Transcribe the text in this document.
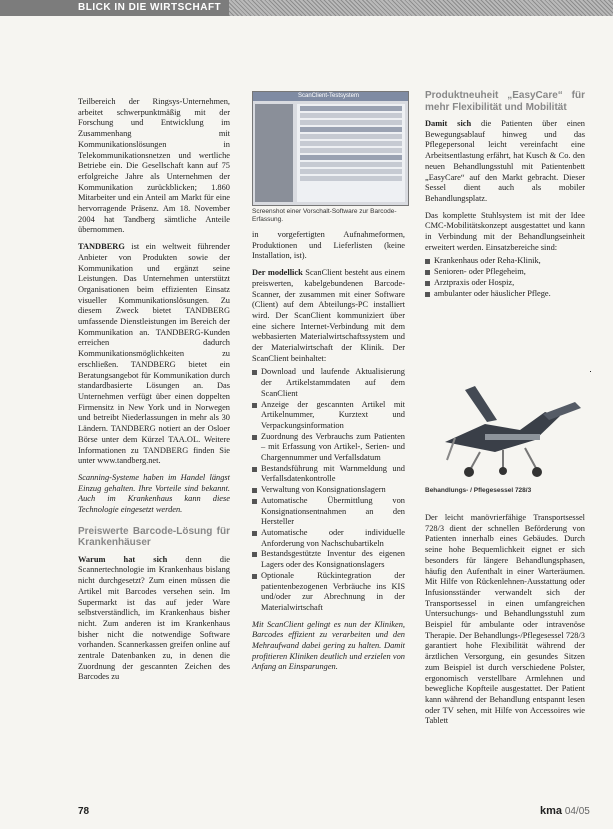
BLICK IN DIE WIRTSCHAFT

Teilbereich der Ringsys-Unternehmen, arbeitet schwerpunktmäßig mit der Forschung und Entwicklung im Zusammenhang mit Kommunikationslösungen in Telekommunikationsnetzen und wertliche Betriebe ein. Die Gesellschaft kann auf 75 erfolgreiche Jahre als Unternehmen der Kommunikation zurückblicken; 1.860 Mitarbeiter und ein Anteil am Markt für eine hervorragende Präsenz. Am 18. November 2004 hat Tandberg sämtliche Anteile übernommen.

TANDBERG ist ein weltweit führender Anbieter von Produkten sowie der Kommunikation und ergänzt seine Leistungen. Das Unternehmen unterstützt Organisationen beim effizienten Einsatz visueller Kommunikationslösungen. Zu diesem Zweck bietet TANDBERG umfassende Dienstleistungen im Bereich der Kommunikation an. TANDBERG-Kunden erreichen dadurch Kommunikationsmöglichkeiten zu erschließen. TANDBERG bietet ein Beratungsangebot für Kommunikation durch standardbasierte Lösungen an. Das Unternehmen verfügt über einen doppelten Firmensitz in New York und in Norwegen und betreibt Niederlassungen in mehr als 30 Ländern. TANDBERG notiert an der Osloer Börse unter dem Kürzel TAA.OL. Weitere Informationen zu TANDBERG finden Sie unter www.tandberg.net.

Scanning-Systeme haben im Handel längst Einzug gehalten. Ihre Vorteile sind bekannt. Auch im Krankenhaus kann diese Technologie eingesetzt werden.

Preiswerte Barcode-Lösung für Krankenhäuser

Warum hat sich denn die Scannertechnologie im Krankenhaus bislang nicht durchgesetzt? Zum einen müssen die Artikel mit Barcodes versehen sein. Im Supermarkt ist das auf jeder Ware selbstverständlich, im Krankenhaus bisher nicht. Zum anderen ist im Krankenhaus bisher nicht die notwendige Software vorhanden. Scannerkassen greifen online auf zentrale Datenbanken zu, in denen die Zuordnung der gescannten Zeichen des Barcodes zu

ScanClient-Testsystem
Screenshot einer Vorschalt-Software zur Barcode-Erfassung.

in vorgefertigten Aufnahmeformen, Produktionen und Lieferlisten (keine Installation, ist).

Der modellick ScanClient besteht aus einem preiswerten, kabelgebundenen Barcode-Scanner, der zusammen mit einer Software (Client) auf dem Abteilungs-PC installiert wird. Der ScanClient kommuniziert über eine sichere Internet-Verbindung mit dem webbasierten Materialwirtschaftssystem und der Materialwirtschaft der Klinik. Der ScanClient beinhaltet:

Download und laufende Aktualisierung der Artikelstammdaten auf dem ScanClient
Anzeige der gescannten Artikel mit Artikelnummer, Kurztext und Verpackungsinformation
Zuordnung des Verbrauchs zum Patienten – mit Erfassung von Artikel-, Serien- und Chargennummer und Verfallsdatum
Bestandsführung mit Warnmeldung und Verfallsdatenkontrolle
Verwaltung von Konsignationslagern
Automatische Übermittlung von Konsignationsentnahmen an den Hersteller
Automatische oder individuelle Anforderung von Nachschubartikeln
Bestandsgestützte Inventur des eigenen Lagers oder des Konsignationslagers
Optionale Rückintegration der patientenbezogenen Verbräuche ins KIS und/oder zur Abrechnung in der Materialwirtschaft

Mit ScanClient gelingt es nun der Kliniken, Barcodes effizient zu verarbeiten und den Mehraufwand dabei gering zu halten. Damit profitieren Kliniken deutlich und erzielen von Anfang an Einsparungen.

Produktneuheit „EasyCare“ für mehr Flexibilität und Mobilität

Damit sich die Patienten über einen Bewegungsablauf hinweg und das Pflegepersonal leicht vereinfacht eine Arbeitsentlastung erfährt, hat Kusch & Co. den neuen Behandlungsstuhl mit Patientenbett „EasyCare“ auf den Markt gebracht. Dieser Sessel dient auch als mobiler Behandlungsplatz.

Das komplette Stuhlsystem ist mit der Idee CMC-Mobilitätskonzept ausgestattet und kann in Verbindung mit der Behandlungseinheit erweitert werden. Einsatzbereiche sind:

Krankenhaus oder Reha-Klinik,
Senioren- oder Pflegeheim,
Arztpraxis oder Hospiz,
ambulanter oder häuslicher Pflege.
Behandlungs- / Pflegesessel 728/3

Der leicht manövrierfähige Transportsessel 728/3 dient der schnellen Beförderung von Patienten innerhalb eines Gebäudes. Durch seine hohe Bequemlichkeit eignet er sich besonders für längere Behandlungsphasen, häufig den Aufenthalt in einer Warteräumen. Mit Hilfe von Rückenlehnen-Ausstattung oder Infusionsständer verwandelt sich der Transportsessel in einen umfangreichen Untersuchungs- und Behandlungsstuhl zum Beispiel für ambulante oder intravenöse Therapie. Der Behandlungs-/Pflegesessel 728/3 garantiert hohe Flexibilität während der ärztlichen Versorgung, ein gesundes Sitzen zum Beispiel ist durch verschiedene Polster, ergonomisch verstellbare Armlehnen und bewegliche Kopfteile ausgestattet. Der Patient kann während der Behandlung entspannt lesen oder TV sehen, mit Hilfe von Accessoires wie Tablett

78	kma 04/05
